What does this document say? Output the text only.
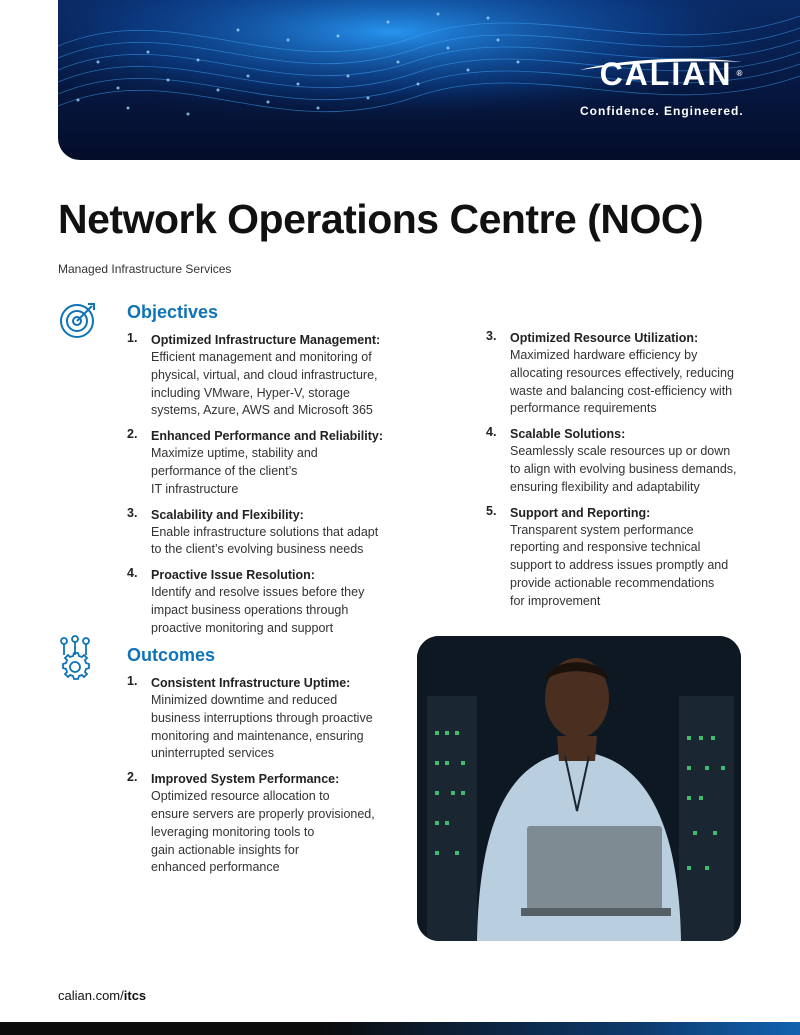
CALIAN ®
Confidence. Engineered.
Network Operations Centre (NOC)
Managed Infrastructure Services
Objectives
1. Optimized Infrastructure Management:
Efficient management and monitoring of
physical, virtual, and cloud infrastructure,
including VMware, Hyper-V, storage
systems, Azure, AWS and Microsoft 365
2. Enhanced Performance and Reliability:
Maximize uptime, stability and
performance of the client’s
IT infrastructure
3. Scalability and Flexibility:
Enable infrastructure solutions that adapt
to the client’s evolving business needs
4. Proactive Issue Resolution:
Identify and resolve issues before they
impact business operations through
proactive monitoring and support
3. Optimized Resource Utilization:
Maximized hardware efficiency by
allocating resources effectively, reducing
waste and balancing cost-efficiency with
performance requirements
4. Scalable Solutions:
Seamlessly scale resources up or down
to align with evolving business demands,
ensuring flexibility and adaptability
5. Support and Reporting:
Transparent system performance
reporting and responsive technical
support to address issues promptly and
provide actionable recommendations
for improvement
Outcomes
1. Consistent Infrastructure Uptime:
Minimized downtime and reduced
business interruptions through proactive
monitoring and maintenance, ensuring
uninterrupted services
2. Improved System Performance:
Optimized resource allocation to
ensure servers are properly provisioned,
leveraging monitoring tools to
gain actionable insights for
enhanced performance
calian.com/itcs
